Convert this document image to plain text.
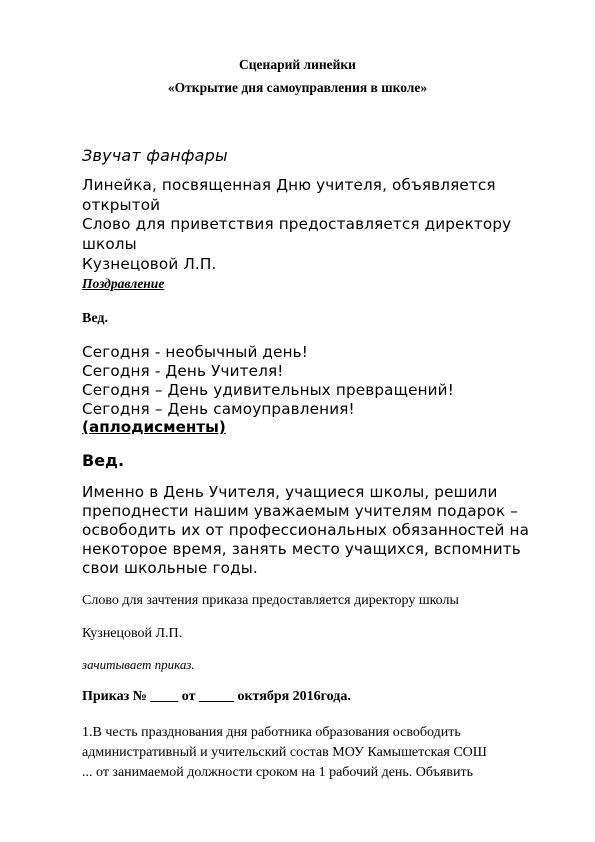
Сценарий линейки
«Открытие дня самоуправления в школе»
Звучат фанфары
Линейка, посвященная Дню учителя, объявляется
открытой
Слово для приветствия предоставляется директору
школы
Кузнецовой Л.П.
Поздравление
Вед.
Сегодня - необычный день!
Сегодня - День Учителя!
Сегодня – День удивительных превращений!
Сегодня – День самоуправления!
(аплодисменты)
Вед.
Именно в День Учителя, учащиеся школы, решили
преподнести нашим уважаемым учителям подарок –
освободить их от профессиональных обязанностей на
некоторое время, занять место учащихся, вспомнить
свои школьные годы.
Слово для зачтения приказа предоставляется директору школы
Кузнецовой Л.П.
зачитывает приказ.
Приказ № ____ от _____ октября 2016года.
1.В честь празднования дня работника образования освободить
административный и учительский состав МОУ Камышетская СОШ
... от занимаемой должности сроком на 1 рабочий день. Объявить
